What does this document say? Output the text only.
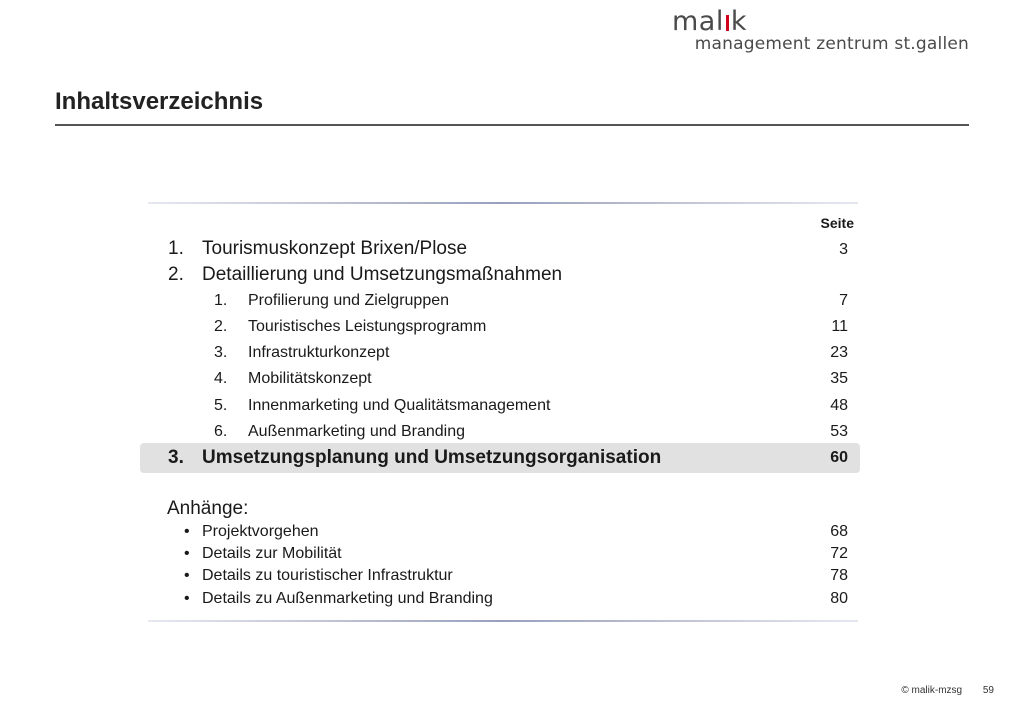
mal k
management zentrum st.gallen
Inhaltsverzeichnis
Seite
1. Tourismuskonzept Brixen/Plose	3
2. Detaillierung und Umsetzungsmaßnahmen
1. Profilierung und Zielgruppen	7
2. Touristisches Leistungsprogramm	11
3. Infrastrukturkonzept	23
4. Mobilitätskonzept	35
5. Innenmarketing und Qualitätsmanagement	48
6. Außenmarketing und Branding	53
3. Umsetzungsplanung und Umsetzungsorganisation	60
Anhänge:
• Projektvorgehen	68
• Details zur Mobilität	72
• Details zu touristischer Infrastruktur	78
• Details zu Außenmarketing und Branding	80
© malik-mzsg 59
